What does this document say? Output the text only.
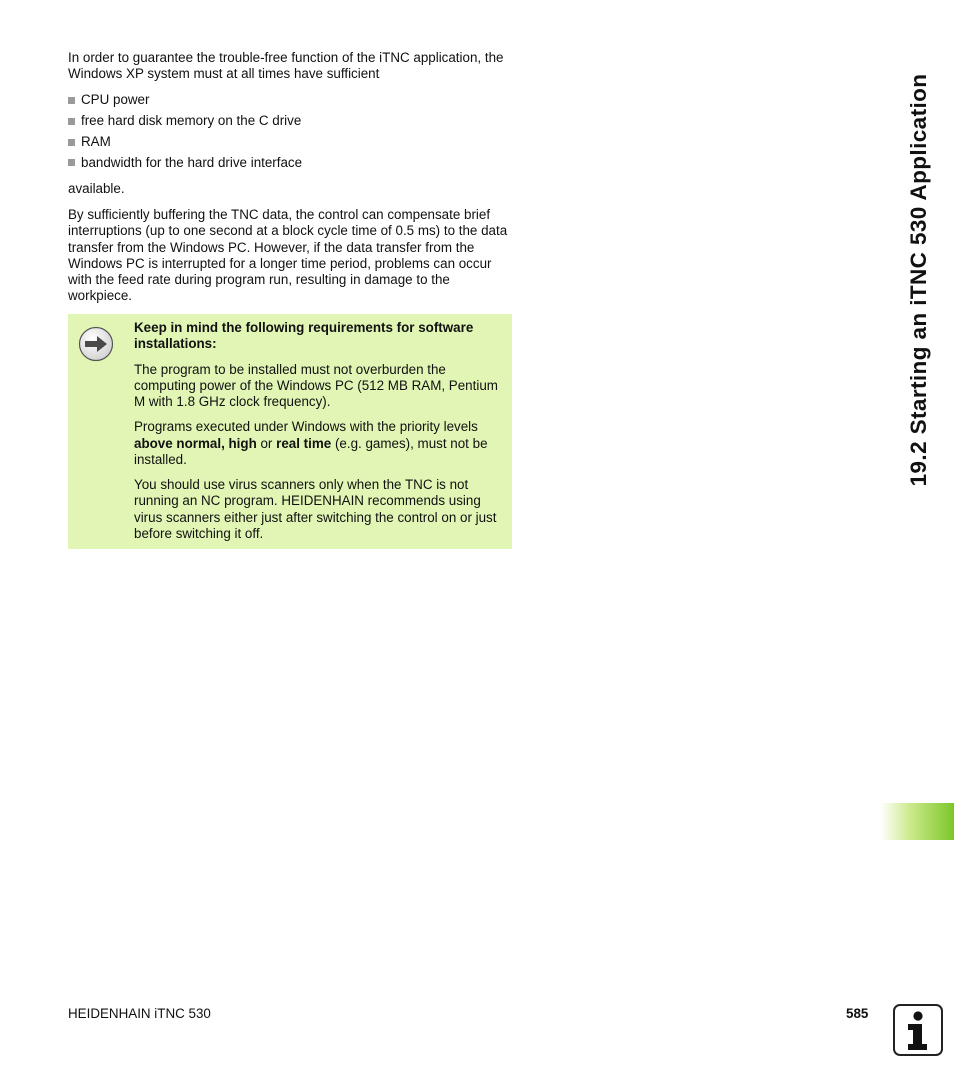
In order to guarantee the trouble-free function of the iTNC application, the Windows XP system must at all times have sufficient

CPU power
free hard disk memory on the C drive
RAM
bandwidth for the hard drive interface

available.

By sufficiently buffering the TNC data, the control can compensate brief interruptions (up to one second at a block cycle time of 0.5 ms) to the data transfer from the Windows PC. However, if the data transfer from the Windows PC is interrupted for a longer time period, problems can occur with the feed rate during program run, resulting in damage to the workpiece.

Keep in mind the following requirements for software installations:

The program to be installed must not overburden the computing power of the Windows PC (512 MB RAM, Pentium M with 1.8 GHz clock frequency).

Programs executed under Windows with the priority levels above normal, high or real time (e.g. games), must not be installed.

You should use virus scanners only when the TNC is not running an NC program. HEIDENHAIN recommends using virus scanners either just after switching the control on or just before switching it off.

19.2 Starting an iTNC 530 Application
HEIDENHAIN iTNC 530	585
